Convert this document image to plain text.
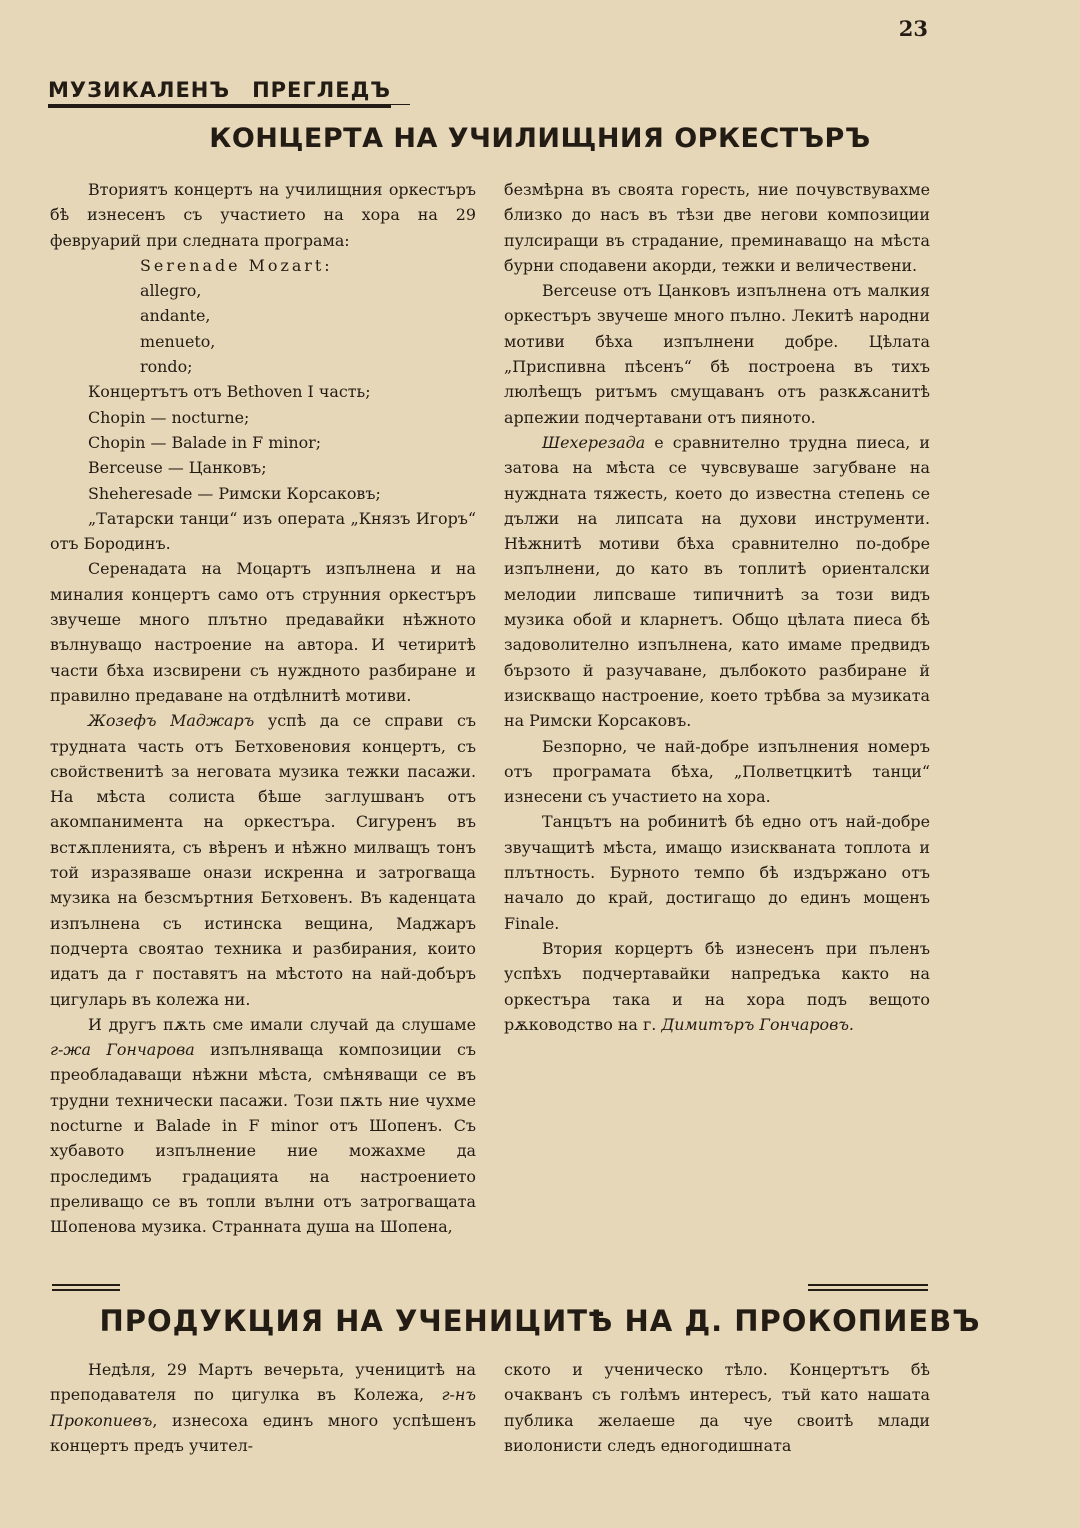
23
МУЗИКАЛЕНЪ ПРЕГЛЕДЪ
КОНЦЕРТА НА УЧИЛИЩНИЯ ОРКЕСТЪРЪ

Вториятъ концертъ на училищния оркестъръ бѣ изнесенъ съ участието на хора на 29 февруарий при следната програма:

Serenade Mozart:
allegro,
andante,
menueto,
rondo;
Концертътъ отъ Bethoven I часть;
Chopin — nocturne;
Chopin — Balade in F minor;
Berceuse — Цанковъ;
Sheheresade — Римски Корсаковъ;

„Татарски танци“ изъ операта „Князъ Игоръ“ отъ Бородинъ.

Серенадата на Моцартъ изпълнена и на миналия концертъ само отъ струнния оркестъръ звучеше много плътно предавайки нѣжното вълнуващо настроение на автора. И четиритѣ части бѣха изсвирени съ нуждното разбиране и правилно предаване на отдѣлнитѣ мотиви.

Жозефъ Маджаръ успѣ да се справи съ трудната часть отъ Бетховеновия концертъ, съ свойственитѣ за неговата музика тежки пасажи. На мѣста солиста бѣше заглушванъ отъ акомпанимента на оркестъра. Сигуренъ въ встѫпленията, съ вѣренъ и нѣжно милващъ тонъ той изразяваше онази искренна и затрогваща музика на безсмъртния Бетховенъ. Въ каденцата изпълнена съ истинска вещина, Маджаръ подчерта своятао техника и разбирания, които идатъ да г поставятъ на мѣстото на най-добъръ цигуларь въ колежа ни.

И другъ пѫть сме имали случай да слушаме г-жа Гончарова изпълняваща композиции съ преобладаващи нѣжни мѣста, смѣняващи се въ трудни технически пасажи. Този пѫть ние чухме nocturne и Balade in F minor отъ Шопенъ. Съ хубавото изпълнение ние можахме да проследимъ градацията на настроението преливащо се въ топли вълни отъ затрогващата Шопенова музика. Странната душа на Шопена,

безмѣрна въ своята горесть, ние почувствувахме близко до насъ въ тѣзи две негови композиции пулсиращи въ страдание, преминаващо на мѣста бурни сподавени акорди, тежки и величествени.

Berceuse отъ Цанковъ изпълнена отъ малкия оркестъръ звучеше много пълно. Лекитѣ народни мотиви бѣха изпълнени добре. Цѣлата „Приспивна пѣсенъ“ бѣ построена въ тихъ люлѣещъ ритъмъ смущаванъ отъ разкѫсанитѣ арпежии подчертавани отъ пияното.

Шехерезада е сравнително трудна пиеса, и затова на мѣста се чувсвуваше загубване на нуждната тяжесть, което до известна степень се дължи на липсата на духови инструменти. Нѣжнитѣ мотиви бѣха сравнително по-добре изпълнени, до като въ топлитѣ ориенталски мелодии липсваше типичнитѣ за този видъ музика обой и кларнетъ. Общо цѣлата пиеса бѣ задоволително изпълнена, като имаме предвидъ бързото й разучаване, дълбокото разбиране й изискващо настроение, което трѣбва за музиката на Римски Корсаковъ.

Безпорно, че най-добре изпълнения номеръ отъ програмата бѣха, „Полветцкитѣ танци“ изнесени съ участието на хора.

Танцътъ на робинитѣ бѣ едно отъ най-добре звучащитѣ мѣста, имащо изискваната топлота и плътность. Бурното темпо бѣ издържано отъ начало до край, достигащо до единъ мощенъ Finale.

Втория корцертъ бѣ изнесенъ при пъленъ успѣхъ подчертавайки напредъка както на оркестъра така и на хора подъ вещото рѫководство на г. Димитъръ Гончаровъ.

ПРОДУКЦИЯ НА УЧЕНИЦИТѢ НА Д. ПРОКОПИЕВЪ

Недѣля, 29 Мартъ вечерьта, ученицитѣ на преподавателя по цигулка въ Колежа, г-нъ Прокопиевъ, изнесоха единъ много успѣшенъ концертъ предъ учител-

ското и ученическо тѣло. Концертътъ бѣ очакванъ съ голѣмъ интересъ, тъй като нашата публика желаеше да чуе своитѣ млади виолонисти следъ едногодишната
